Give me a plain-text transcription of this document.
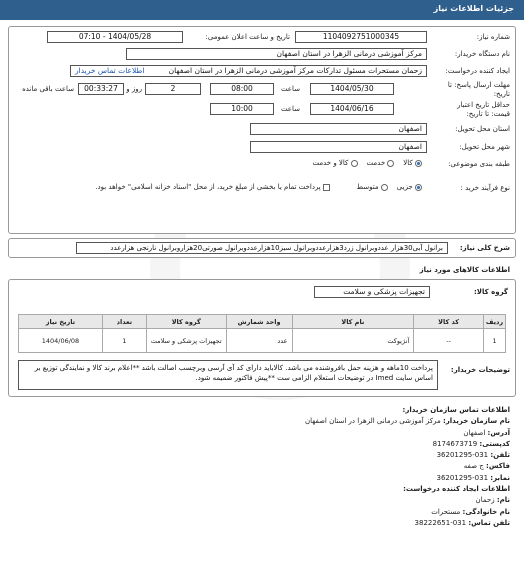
جزئیات اطلاعات نیاز
شماره نیاز:
1104092751000345
تاریخ و ساعت اعلان عمومی:
1404/05/28 - 07:10
نام دستگاه خریدار:
مرکز آموزشی درمانی الزهرا در استان اصفهان
ایجاد کننده درخواست:
اطلاعات تماس خریدار	زحمان مستحرات مسئول تدارکات مرکز آموزشی درمانی الزهرا در استان اصفهان
مهلت ارسال پاسخ: تا
تاریخ:
1404/05/30
ساعت
08:00
2
روز و
00:33:27
ساعت باقی مانده
حداقل تاریخ اعتبار
قیمت: تا تاریخ:
1404/06/16
ساعت
10:00
استان محل تحویل:
اصفهان
شهر محل تحویل:
اصفهان
طبقه بندی موضوعی:
کالا     خدمت     کالا و خدمت
نوع فرآیند خرید :
جزیی     متوسط
پرداخت تمام یا بخشی از مبلغ خرید، از محل "اسناد خزانه اسلامی" خواهد بود.
شرح کلی نیاز:
برانول آبی30هزار عددوبرانول زرد3هزارعددوبرانول سبز10هزارعددوبرانول صورتی20هزاروبرانول نارنجی هزارعدد
اطلاعات کالاهای مورد نیاز
گروه کالا:
تجهیزات پزشکی و سلامت
ردیف	کد کالا	نام کالا	واحد شمارش	گروه کالا	تعداد	تاریخ نیاز
1	--	آنژیوکت	عدد	تجهیزات پزشکی و سلامت	1	1404/06/08
توضیحات خریدار:
پرداخت 10ماهه و هزینه حمل بافروشنده می باشد. کالاباید دارای کد آی آرسی وبرچسب اصالت باشد **اعلام برند کالا و نمایندگی توزیع بر اساس سایت Imed در توضیحات استعلام الزامی ست **پیش فاکتور ضمیمه شود.
اطلاعات تماس سازمان خریدار:
نام سازمان خریدار: مرکز آموزشی درمانی الزهرا در استان اصفهان
آدرس: اصفهان
کدپستی: 8174673719
تلفن: 031-36201295
فاکس: ج صفه
نمابر: 031-36201295
اطلاعات ایجاد کننده درخواست:
نام: زحمان
نام خانوادگی: مستحرات
تلفن تماس: 031-38222651
